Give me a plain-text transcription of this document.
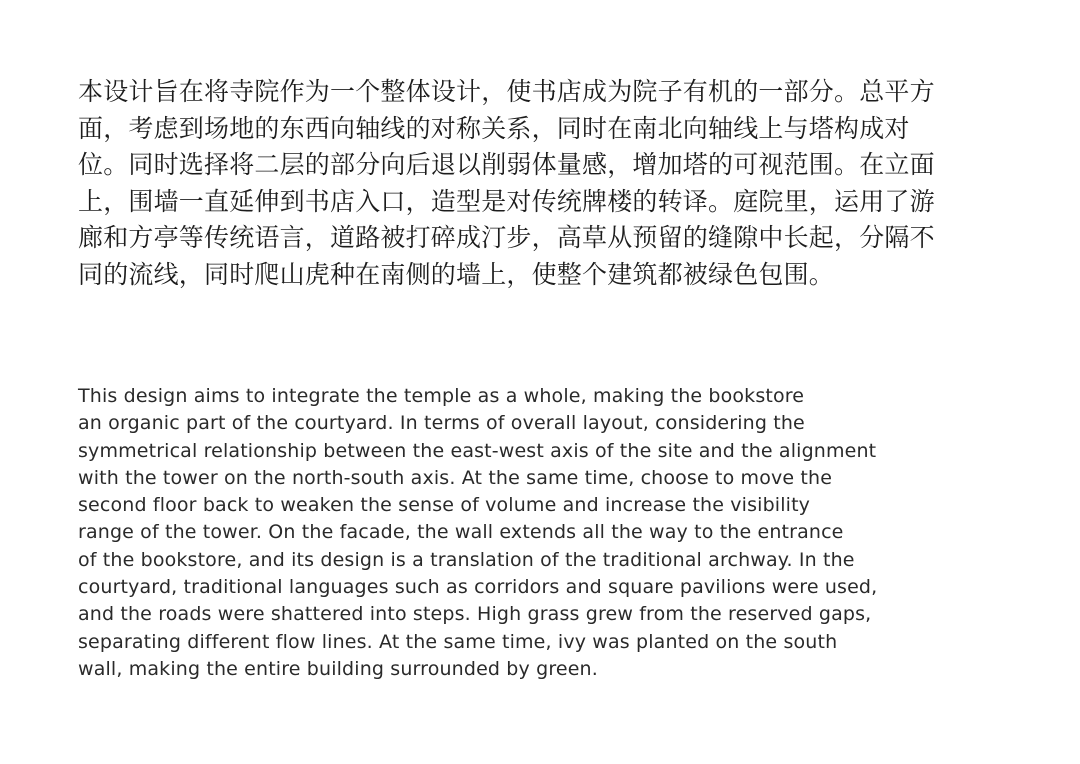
本设计旨在将寺院作为一个整体设计，使书店成为院子有机的一部分。总平方
面，考虑到场地的东西向轴线的对称关系，同时在南北向轴线上与塔构成对
位。同时选择将二层的部分向后退以削弱体量感，增加塔的可视范围。在立面
上，围墙一直延伸到书店入口，造型是对传统牌楼的转译。庭院里，运用了游
廊和方亭等传统语言，道路被打碎成汀步，高草从预留的缝隙中长起，分隔不
同的流线，同时爬山虎种在南侧的墙上，使整个建筑都被绿色包围。
This design aims to integrate the temple as a whole, making the bookstore
an organic part of the courtyard. In terms of overall layout, considering the
symmetrical relationship between the east-west axis of the site and the alignment
with the tower on the north-south axis. At the same time, choose to move the
second floor back to weaken the sense of volume and increase the visibility
range of the tower. On the facade, the wall extends all the way to the entrance
of the bookstore, and its design is a translation of the traditional archway. In the
courtyard, traditional languages such as corridors and square pavilions were used,
and the roads were shattered into steps. High grass grew from the reserved gaps,
separating different flow lines. At the same time, ivy was planted on the south
wall, making the entire building surrounded by green.
